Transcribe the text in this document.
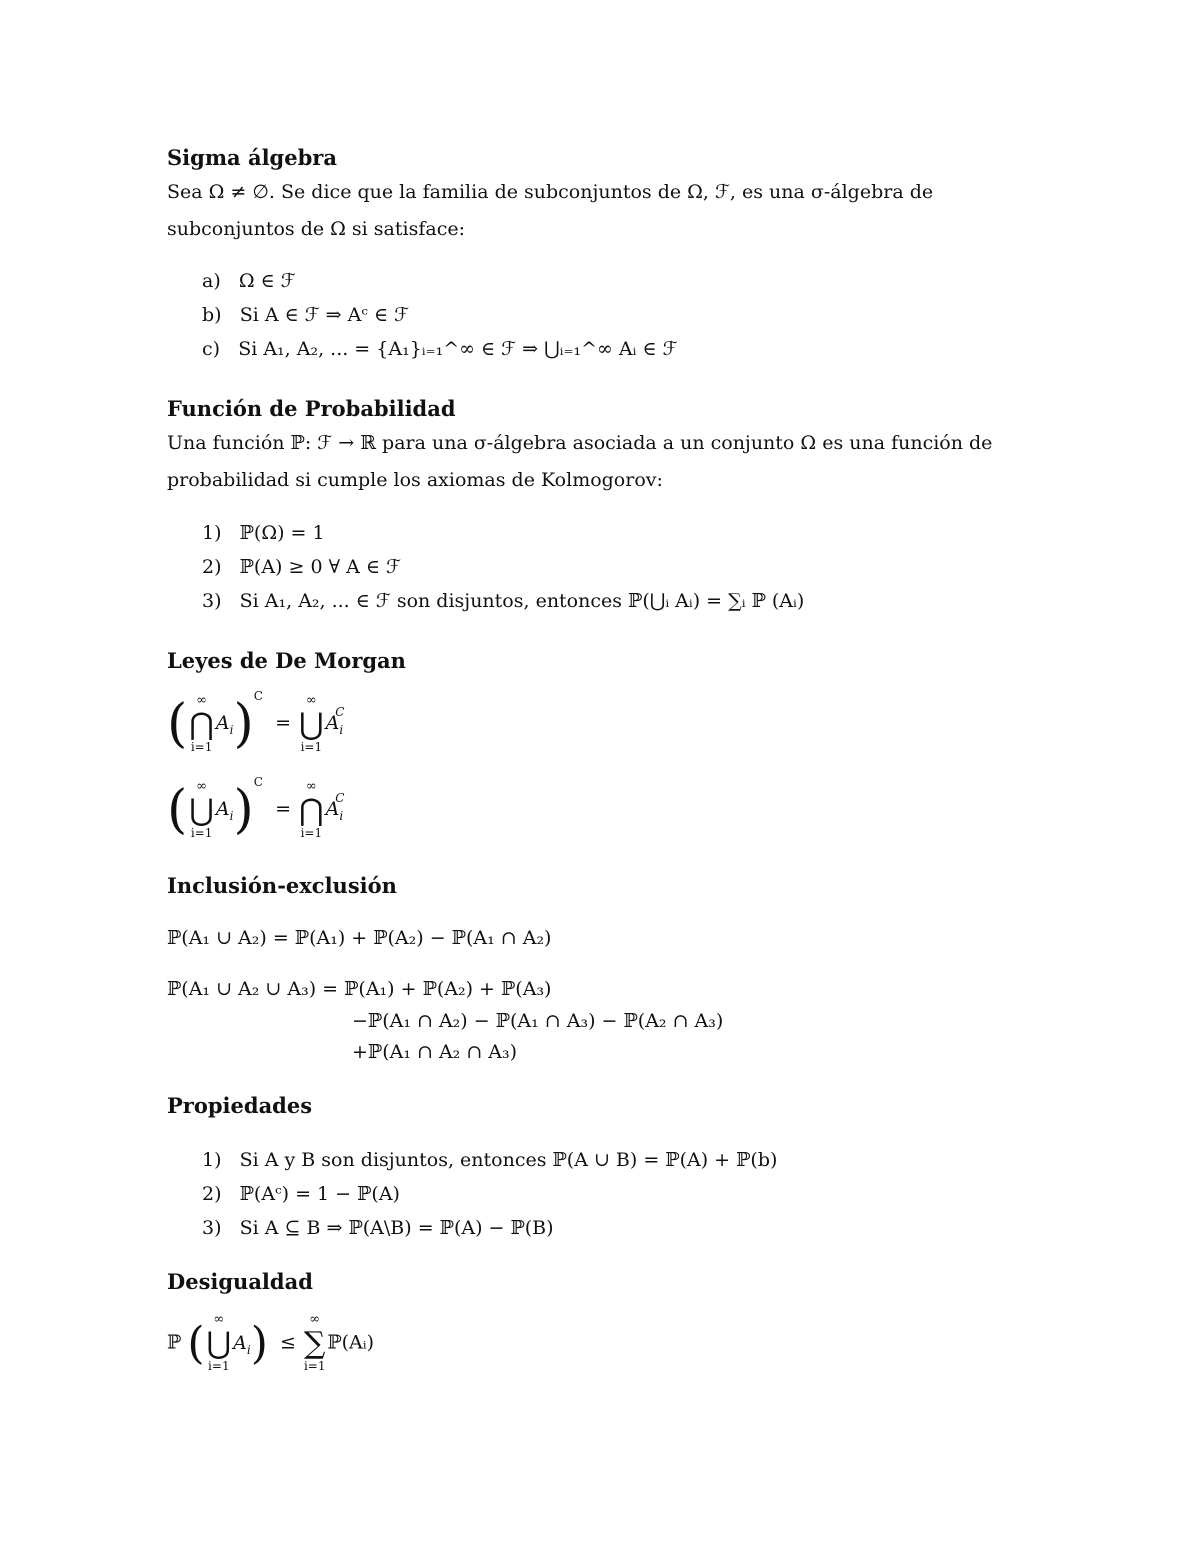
Sigma álgebra
Sea Ω ≠ ∅. Se dice que la familia de subconjuntos de Ω, ℱ, es una σ-álgebra de
subconjuntos de Ω si satisface:
a) Ω ∈ ℱ
b) Si A ∈ ℱ ⇒ Aᶜ ∈ ℱ
c) Si A₁, A₂, ... = {A₁}ᵢ₌₁^∞ ∈ ℱ ⇒ ⋃ᵢ₌₁^∞ Aᵢ ∈ ℱ
Función de Probabilidad
Una función ℙ: ℱ → ℝ para una σ-álgebra asociada a un conjunto Ω es una función de
probabilidad si cumple los axiomas de Kolmogorov:
1) ℙ(Ω) = 1
2) ℙ(A) ≥ 0 ∀ A ∈ ℱ
3) Si A₁, A₂, ... ∈ ℱ son disjuntos, entonces ℙ(⋃ᵢ Aᵢ) = ∑ᵢ ℙ (Aᵢ)
Leyes de De Morgan
( ∞
⋂
i=1
$A_i)^C$  =
∞
⋃
i=1
$A_i^C$
( ∞
⋃
i=1
$A_i)^C$  =
∞
⋂
i=1
$A_i^C$
Inclusión-exclusión
ℙ(A₁ ∪ A₂) = ℙ(A₁) + ℙ(A₂) − ℙ(A₁ ∩ A₂)
ℙ(A₁ ∪ A₂ ∪ A₃) = ℙ(A₁) + ℙ(A₂) + ℙ(A₃)
−ℙ(A₁ ∩ A₂) − ℙ(A₁ ∩ A₃) − ℙ(A₂ ∩ A₃)
+ℙ(A₁ ∩ A₂ ∩ A₃)
Propiedades
1) Si A y B son disjuntos, entonces ℙ(A ∪ B) = ℙ(A) + ℙ(b)
2) ℙ(Aᶜ) = 1 − ℙ(A)
3) Si A ⊆ B ⇒ ℙ(A\B) = ℙ(A) − ℙ(B)
Desigualdad
ℙ ( ∞
⋃
i=1
$A_i$) ≤
∞
∑
i=1
ℙ(Aᵢ)
